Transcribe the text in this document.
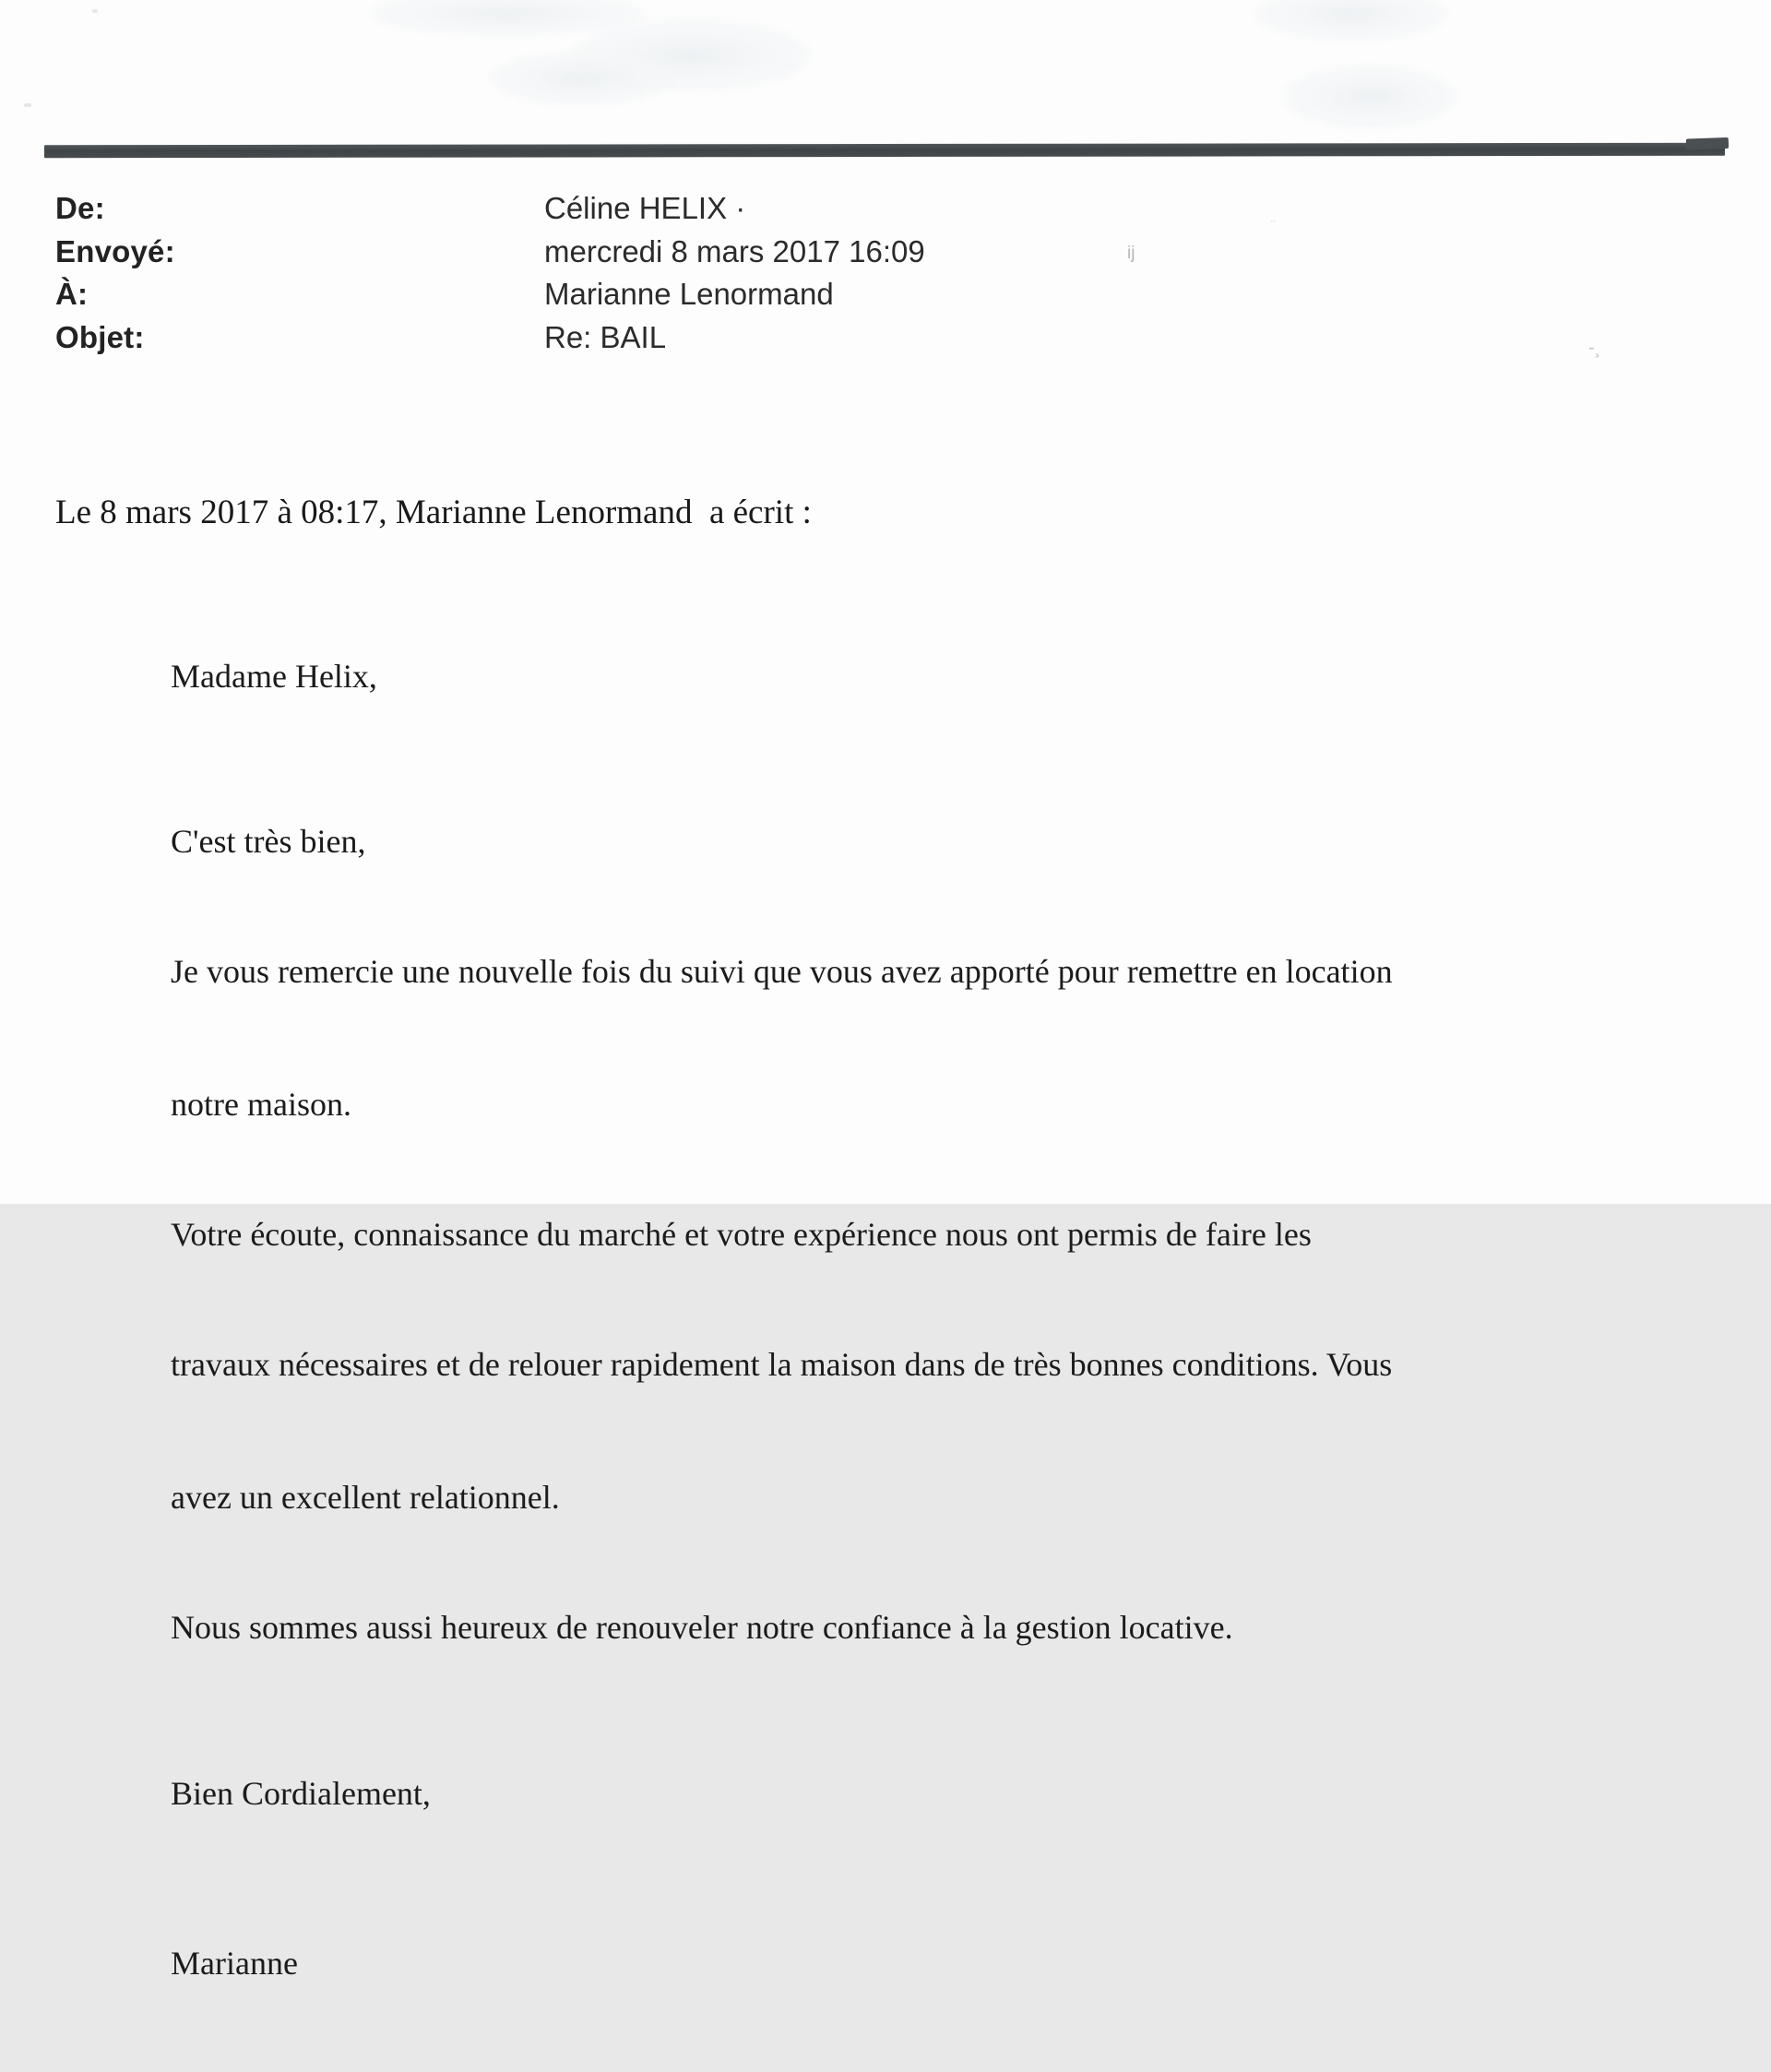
De:	Céline HELIX ·
Envoyé:	mercredi 8 mars 2017 16:09
À:	Marianne Lenormand
Objet:	Re: BAIL
ij
¨
-¸
Le 8 mars 2017 à 08:17, Marianne Lenormand  a écrit :

Madame Helix,

C'est très bien,

Je vous remercie une nouvelle fois du suivi que vous avez apporté pour remettre en location

notre maison.

Votre écoute, connaissance du marché et votre expérience nous ont permis de faire les

travaux nécessaires et de relouer rapidement la maison dans de très bonnes conditions. Vous

avez un excellent relationnel.

Nous sommes aussi heureux de renouveler notre confiance à la gestion locative.

Bien Cordialement,

Marianne
